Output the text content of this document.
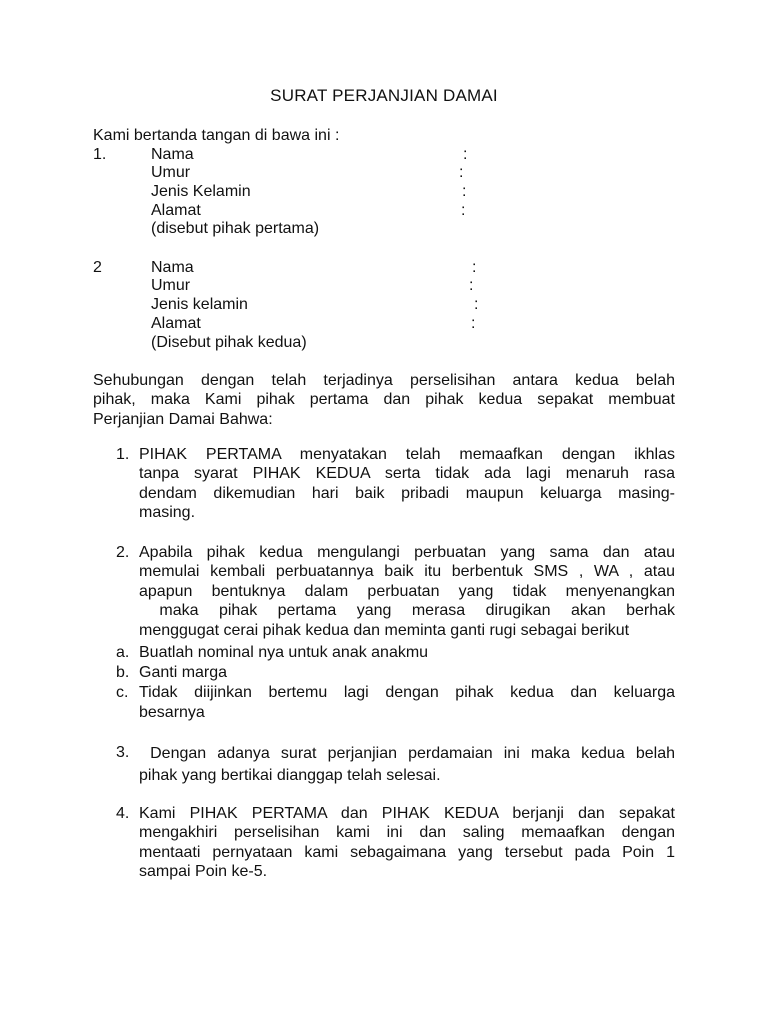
SURAT PERJANJIAN DAMAI
Kami bertanda tangan di bawa ini :
1.	Nama	:
Umur	:
Jenis Kelamin	:
Alamat	:
(disebut pihak pertama)
2	Nama	:
Umur	:
Jenis kelamin	:
Alamat	:
(Disebut pihak kedua)
Sehubungan dengan telah terjadinya perselisihan antara kedua belah
pihak, maka Kami pihak pertama dan pihak kedua sepakat membuat
Perjanjian Damai Bahwa:
1. PIHAK PERTAMA menyatakan telah memaafkan dengan ikhlas
tanpa syarat PIHAK KEDUA serta tidak ada lagi menaruh rasa
dendam dikemudian hari baik pribadi maupun keluarga masing-
masing.
2. Apabila pihak kedua mengulangi perbuatan yang sama dan atau
memulai kembali perbuatannya baik itu berbentuk SMS , WA , atau
apapun bentuknya dalam perbuatan yang tidak menyenangkan
maka pihak pertama yang merasa dirugikan akan berhak
menggugat cerai pihak kedua dan meminta ganti rugi sebagai berikut
a. Buatlah nominal nya untuk anak anakmu
b. Ganti marga
c. Tidak diijinkan bertemu lagi dengan pihak kedua dan keluarga
besarnya
3. Dengan adanya surat perjanjian perdamaian ini maka kedua belah
pihak yang bertikai dianggap telah selesai.
4. Kami PIHAK PERTAMA dan PIHAK KEDUA berjanji dan sepakat
mengakhiri perselisihan kami ini dan saling memaafkan dengan
mentaati pernyataan kami sebagaimana yang tersebut pada Poin 1
sampai Poin ke-5.
